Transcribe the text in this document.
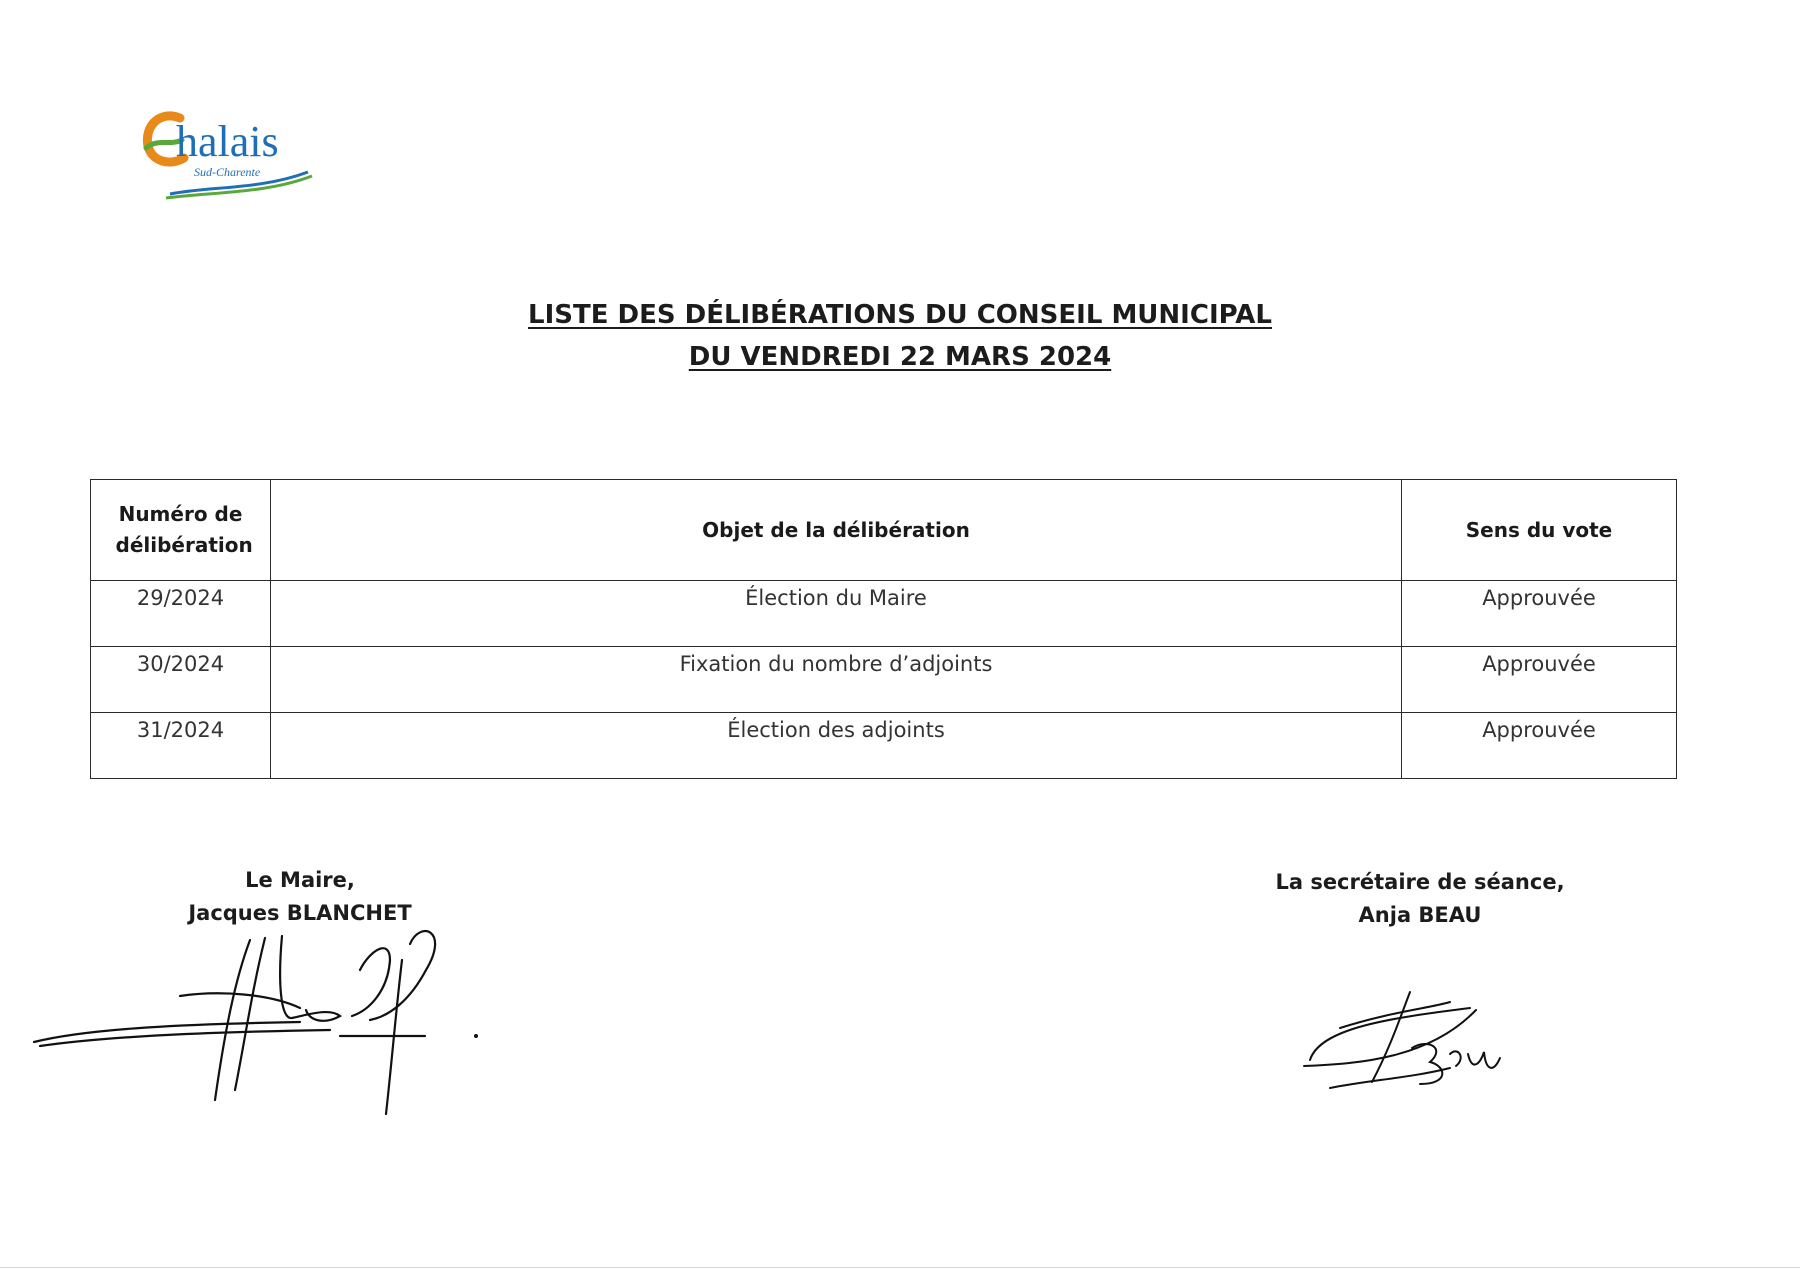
halais
Sud-Charente
LISTE DES DÉLIBÉRATIONS DU CONSEIL MUNICIPAL
DU VENDREDI 22 MARS 2024
Numéro de délibération	Objet de la délibération	Sens du vote
29/2024	Élection du Maire	Approuvée
30/2024	Fixation du nombre d’adjoints	Approuvée
31/2024	Élection des adjoints	Approuvée
Le Maire,
Jacques BLANCHET
La secrétaire de séance,
Anja BEAU
